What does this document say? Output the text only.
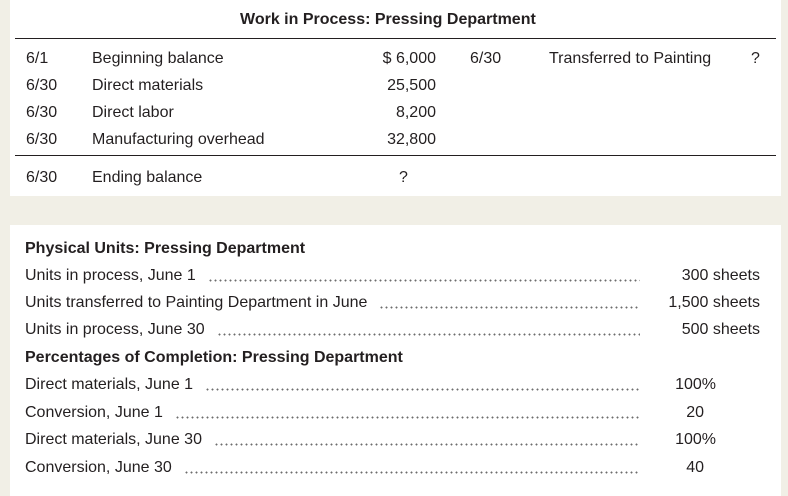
Work in Process: Pressing Department
6/1	Beginning balance	$ 6,000 6/30	Transferred to Painting ?
6/30 Direct materials	25,500
6/30 Direct labor	8,200
6/30 Manufacturing overhead	32,800
6/30 Ending balance	?
Physical Units: Pressing Department
Units in process, June 1	300 sheets
Units transferred to Painting Department in June	1,500 sheets
Units in process, June 30	500 sheets
Percentages of Completion: Pressing Department
Direct materials, June 1	100%
Conversion, June 1	20
Direct materials, June 30	100%
Conversion, June 30	40
